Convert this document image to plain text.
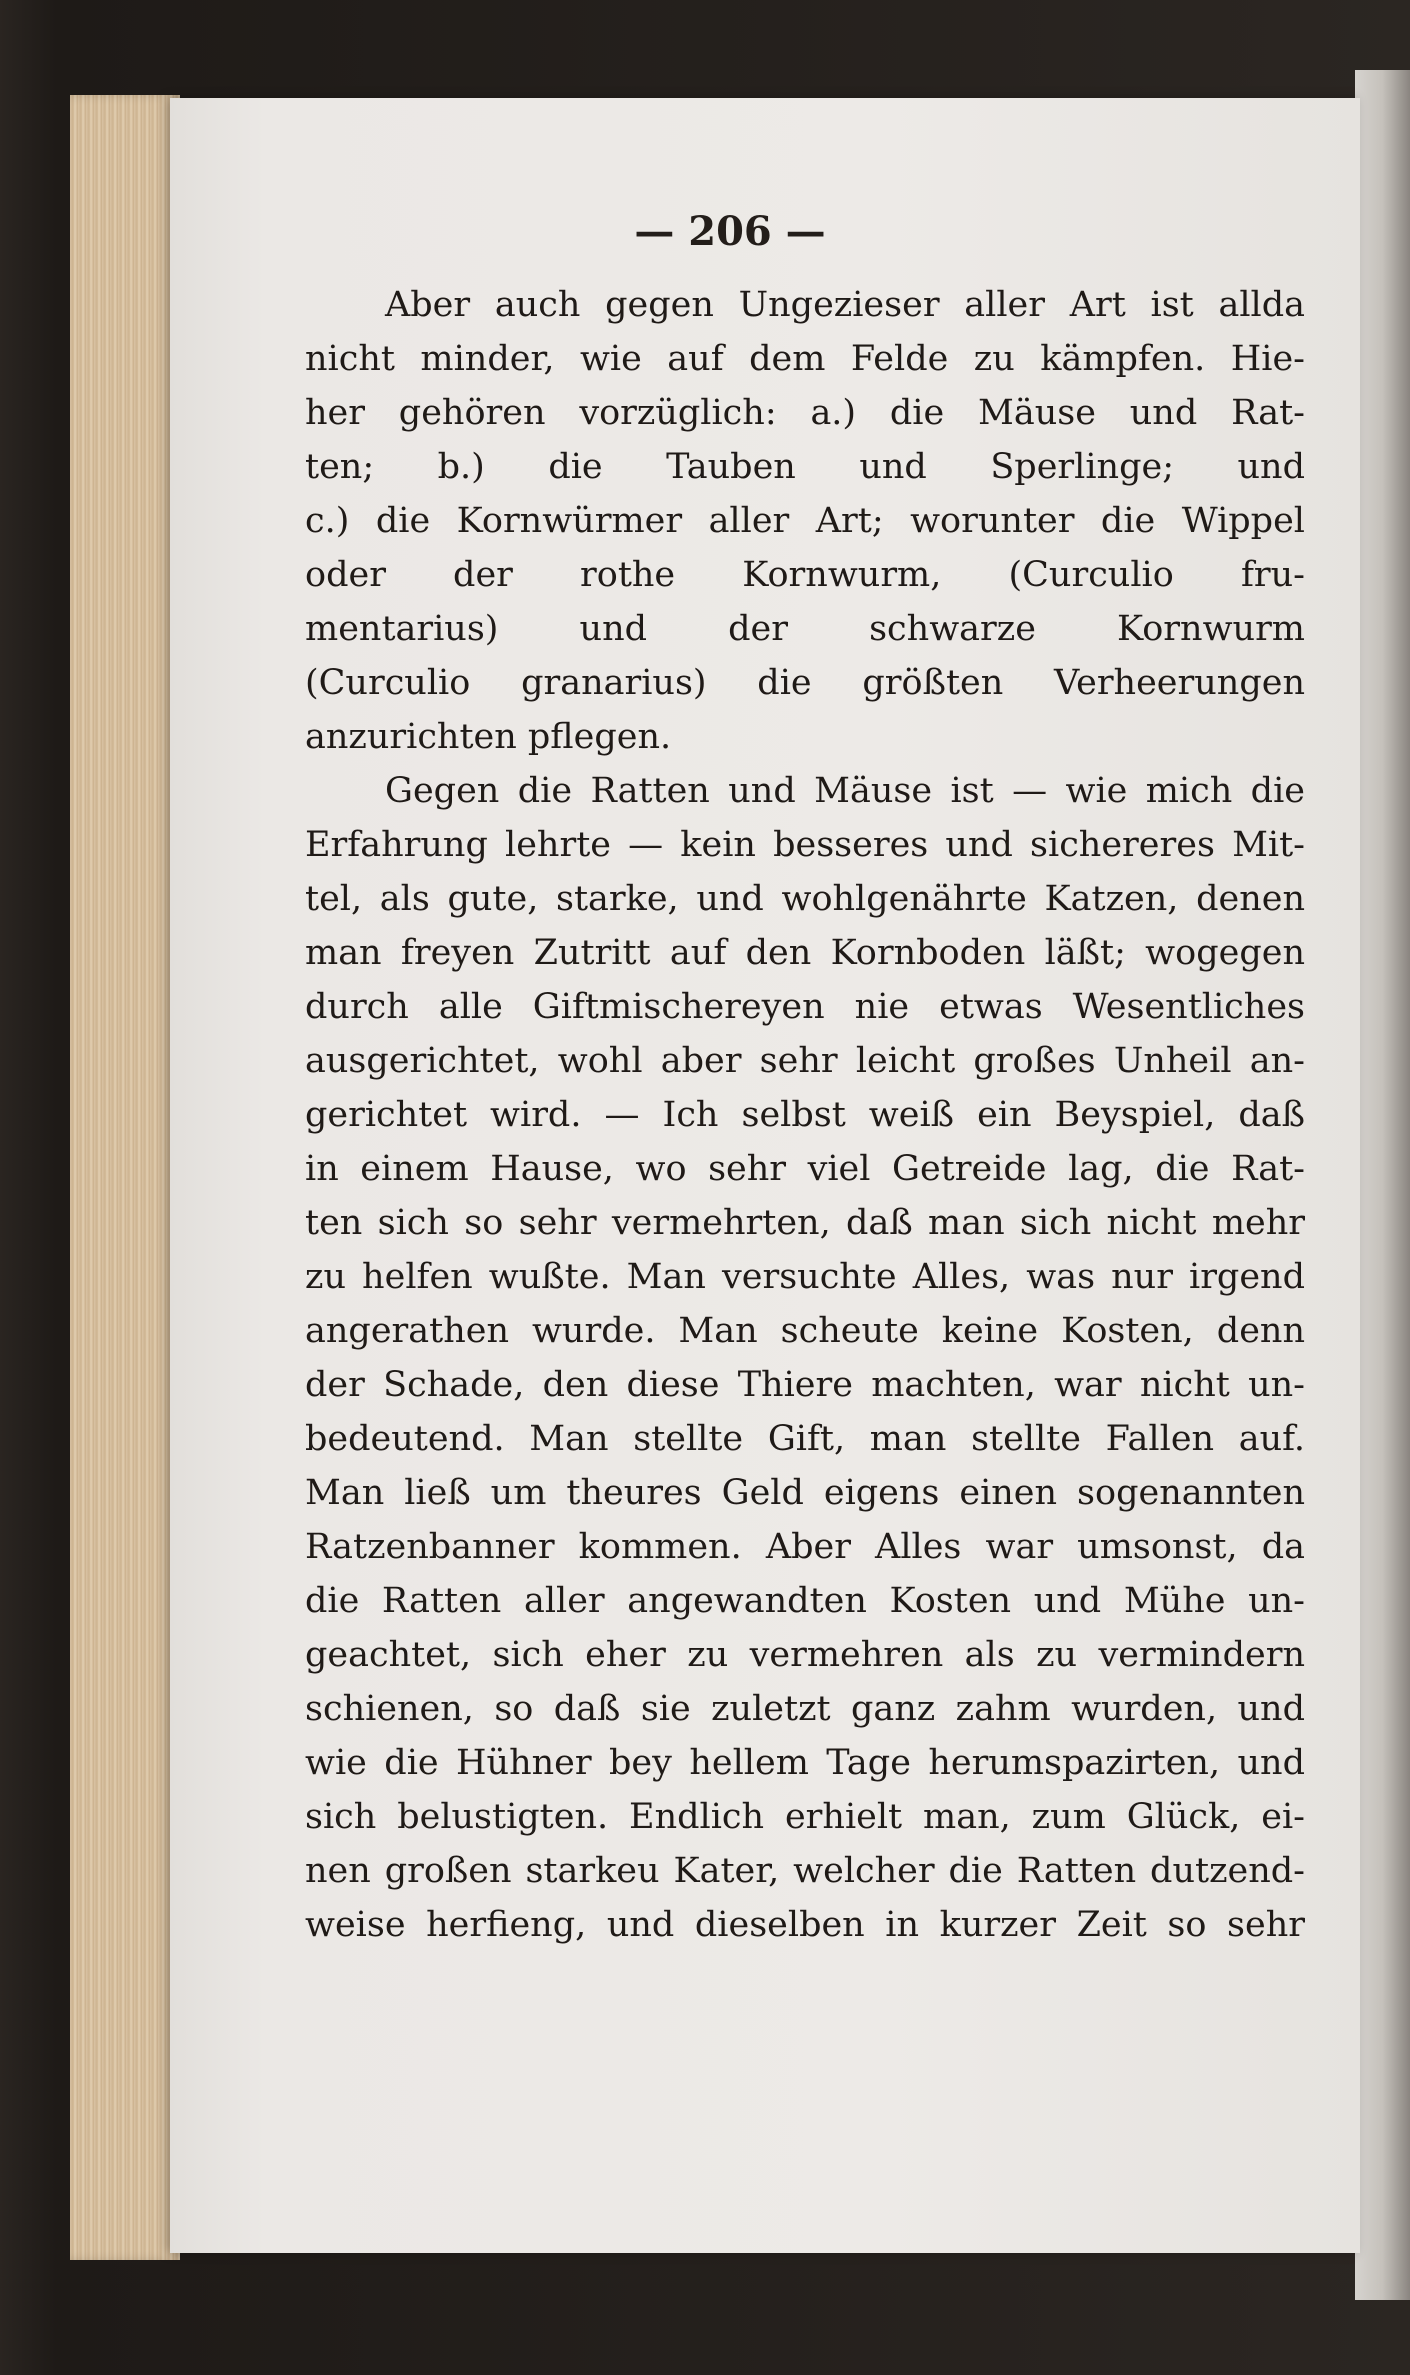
— 206 —
Aber auch gegen Ungezieser aller Art ist allda
nicht minder, wie auf dem Felde zu kämpfen. Hie-
her gehören vorzüglich: a.) die Mäuse und Rat-
ten; b.) die Tauben und Sperlinge; und
c.) die Kornwürmer aller Art; worunter die Wippel
oder der rothe Kornwurm, (Curculio fru-
mentarius) und der schwarze Kornwurm
(Curculio granarius) die größten Verheerungen
anzurichten pflegen.
Gegen die Ratten und Mäuse ist — wie mich die
Erfahrung lehrte — kein besseres und sichereres Mit-
tel, als gute, starke, und wohlgenährte Katzen, denen
man freyen Zutritt auf den Kornboden läßt; wogegen
durch alle Giftmischereyen nie etwas Wesentliches
ausgerichtet, wohl aber sehr leicht großes Unheil an-
gerichtet wird. — Ich selbst weiß ein Beyspiel, daß
in einem Hause, wo sehr viel Getreide lag, die Rat-
ten sich so sehr vermehrten, daß man sich nicht mehr
zu helfen wußte. Man versuchte Alles, was nur irgend
angerathen wurde. Man scheute keine Kosten, denn
der Schade, den diese Thiere machten, war nicht un-
bedeutend. Man stellte Gift, man stellte Fallen auf.
Man ließ um theures Geld eigens einen sogenannten
Ratzenbanner kommen. Aber Alles war umsonst, da
die Ratten aller angewandten Kosten und Mühe un-
geachtet, sich eher zu vermehren als zu vermindern
schienen, so daß sie zuletzt ganz zahm wurden, und
wie die Hühner bey hellem Tage herumspazirten, und
sich belustigten. Endlich erhielt man, zum Glück, ei-
nen großen starkeu Kater, welcher die Ratten dutzend-
weise herfieng, und dieselben in kurzer Zeit so sehr
